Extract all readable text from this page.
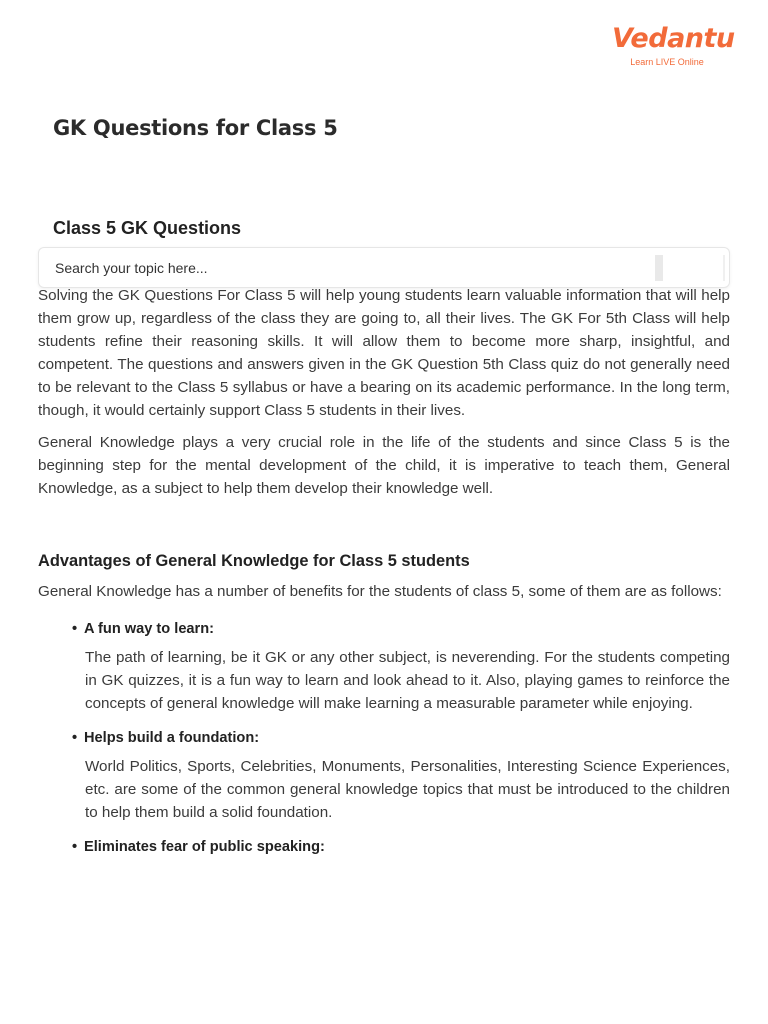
Vedantu
Learn LIVE Online
GK Questions for Class 5
Class 5 GK Questions
Search your topic here...

Solving the GK Questions For Class 5 will help young students learn valuable information that will help them grow up, regardless of the class they are going to, all their lives. The GK For 5th Class will help students refine their reasoning skills. It will allow them to become more sharp, insightful, and competent. The questions and answers given in the GK Question 5th Class quiz do not generally need to be relevant to the Class 5 syllabus or have a bearing on its academic performance. In the long term, though, it would certainly support Class 5 students in their lives.

General Knowledge plays a very crucial role in the life of the students and since Class 5 is the beginning step for the mental development of the child, it is imperative to teach them, General Knowledge, as a subject to help them develop their knowledge well.

Advantages of General Knowledge for Class 5 students

General Knowledge has a number of benefits for the students of class 5, some of them are as follows:

• A fun way to learn:

The path of learning, be it GK or any other subject, is neverending. For the students competing in GK quizzes, it is a fun way to learn and look ahead to it. Also, playing games to reinforce the concepts of general knowledge will make learning a measurable parameter while enjoying.

• Helps build a foundation:

World Politics, Sports, Celebrities, Monuments, Personalities, Interesting Science Experiences, etc. are some of the common general knowledge topics that must be introduced to the children to help them build a solid foundation.

• Eliminates fear of public speaking:
